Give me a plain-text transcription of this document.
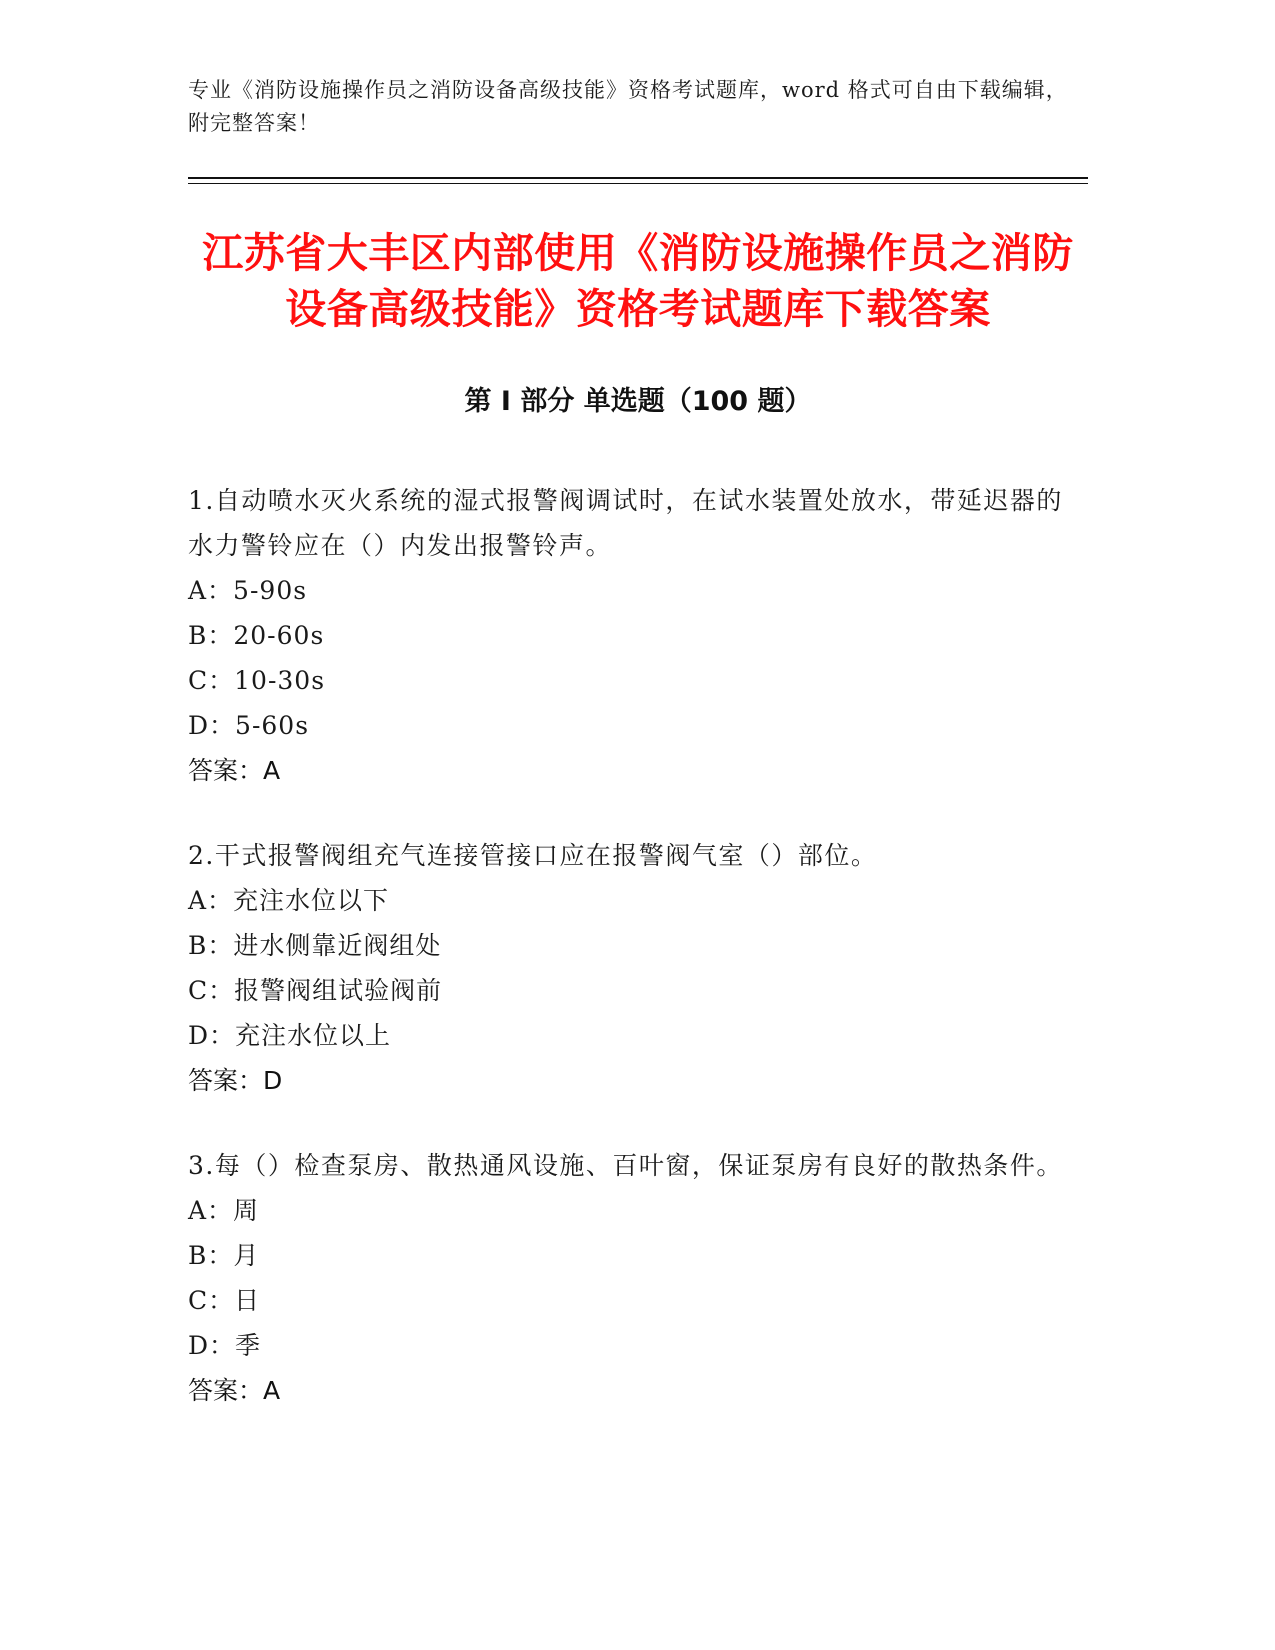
专业《消防设施操作员之消防设备高级技能》资格考试题库，word 格式可自由下载编辑，附完整答案！
江苏省大丰区内部使用《消防设施操作员之消防设备高级技能》资格考试题库下载答案
第 I 部分 单选题（100 题）

1.自动喷水灭火系统的湿式报警阀调试时，在试水装置处放水，带延迟器的水力警铃应在（）内发出报警铃声。

A：5-90s

B：20-60s

C：10-30s

D：5-60s

答案：A

2.干式报警阀组充气连接管接口应在报警阀气室（）部位。

A：充注水位以下

B：进水侧靠近阀组处

C：报警阀组试验阀前

D：充注水位以上

答案：D

3.每（）检查泵房、散热通风设施、百叶窗，保证泵房有良好的散热条件。

A：周

B：月

C：日

D：季

答案：A
